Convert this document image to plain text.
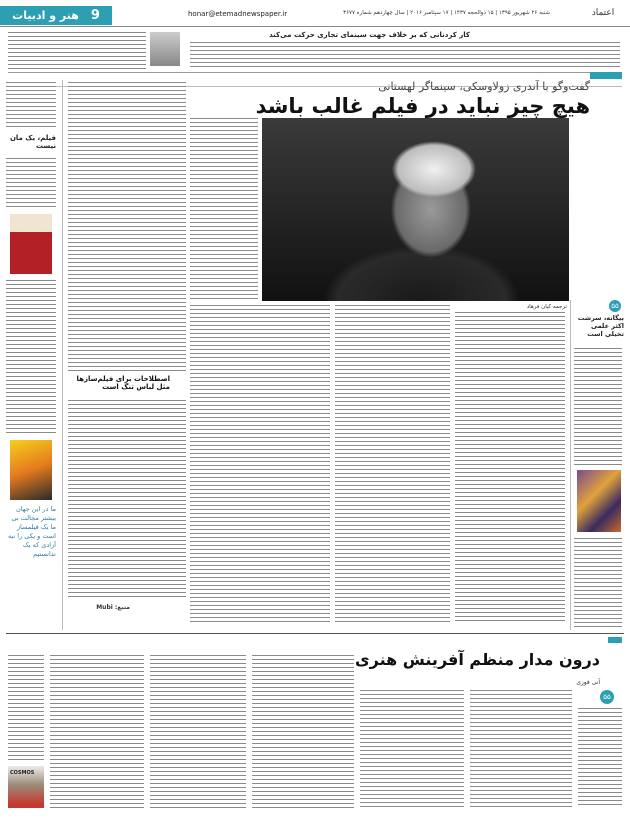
9
هنر و ادبیات	honar@etemadnewspaper.ir	شنبه ۲۶ شهریور ۱۳۹۵ | ۱۵ ذوالحجه ۱۴۳۷ | ۱۷ سپتامبر ۲۰۱۶ | سال چهاردهم شماره ۳۶۷۷	اعتماد
کار کردنانی که بر خلاف جهت سینمای تجاری حرکت می‌کند
گفت‌وگو با آندری زولاوسکی، سینماگر لهستانی
هیچ چیز نباید در فیلم غالب باشد
ترجمه کیان فرهاد
اصطلاحات برای فیلم‌سازها مثل لباس تنگ است
منبع: Mubi
۵۵
بیگانه، سرشت اکثر علمی تخیلی است
فیلم، یک مان نیست
ما در این جهان بیشتر مجالت بی ما یک فیلمساز است و یکی را نبه آزادی که یک ندانستیم
درون مدار منظم آفرینش هنری
آنی فوزی
۵۵
COSMOS
